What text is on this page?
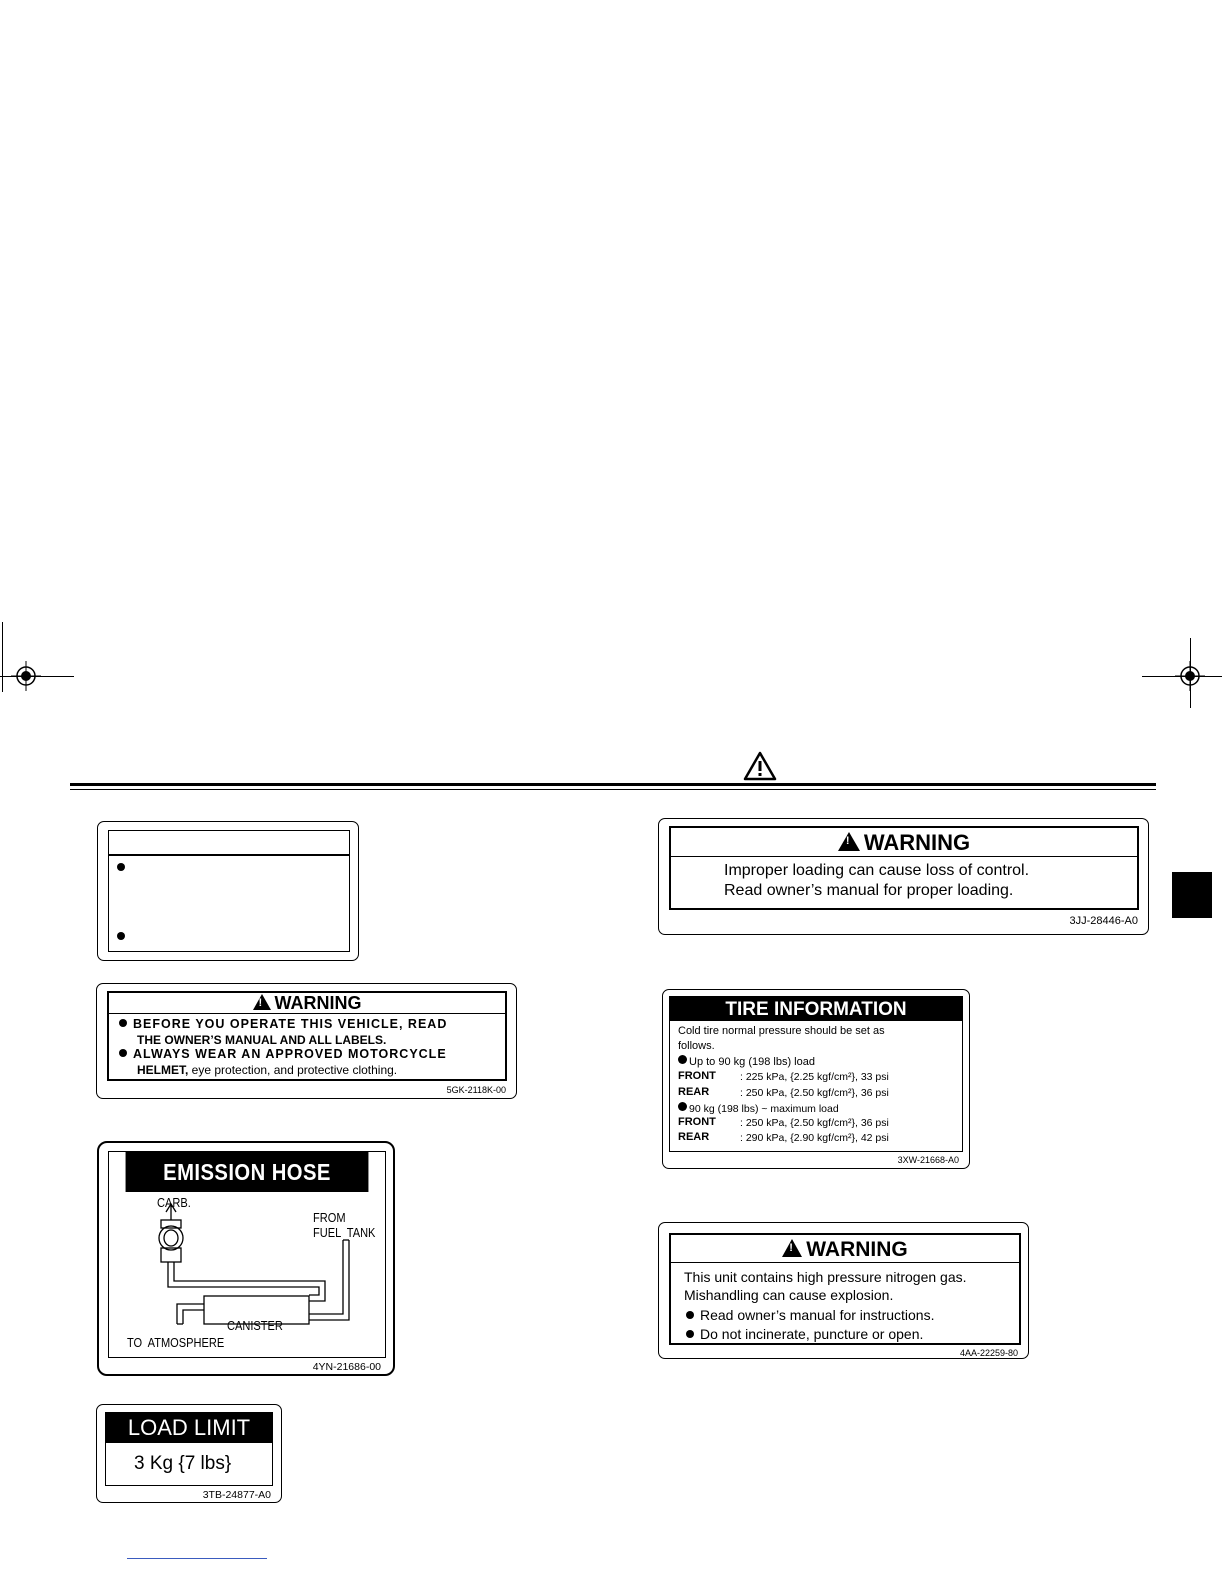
!WARNING
BEFORE YOU OPERATE THIS VEHICLE, READ
THE OWNER’S MANUAL AND ALL LABELS.
ALWAYS WEAR AN APPROVED MOTORCYCLE
HELMET, eye protection, and protective clothing.
5GK-2118K-00
EMISSION HOSE ROUTING
CARB.
FROM
FUEL  TANK
CANISTER
TO  ATMOSPHERE
4YN-21686-00
LOAD LIMIT
3 Kg {7 lbs}
3TB-24877-A0
!WARNING
Improper loading can cause loss of control.
Read owner’s manual for proper loading.
3JJ-28446-A0
TIRE INFORMATION
Cold tire normal pressure should be set as
follows.
Up to 90 kg (198 lbs) load
FRONT : 225 kPa, {2.25 kgf/cm²}, 33 psi
REAR	: 250 kPa, {2.50 kgf/cm²}, 36 psi
90 kg (198 lbs) ~ maximum load
FRONT : 250 kPa, {2.50 kgf/cm²}, 36 psi
REAR	: 290 kPa, {2.90 kgf/cm²}, 42 psi
3XW-21668-A0
!WARNING
This unit contains high pressure nitrogen gas.
Mishandling can cause explosion.
Read owner’s manual for instructions.
Do not incinerate, puncture or open.
4AA-22259-80
